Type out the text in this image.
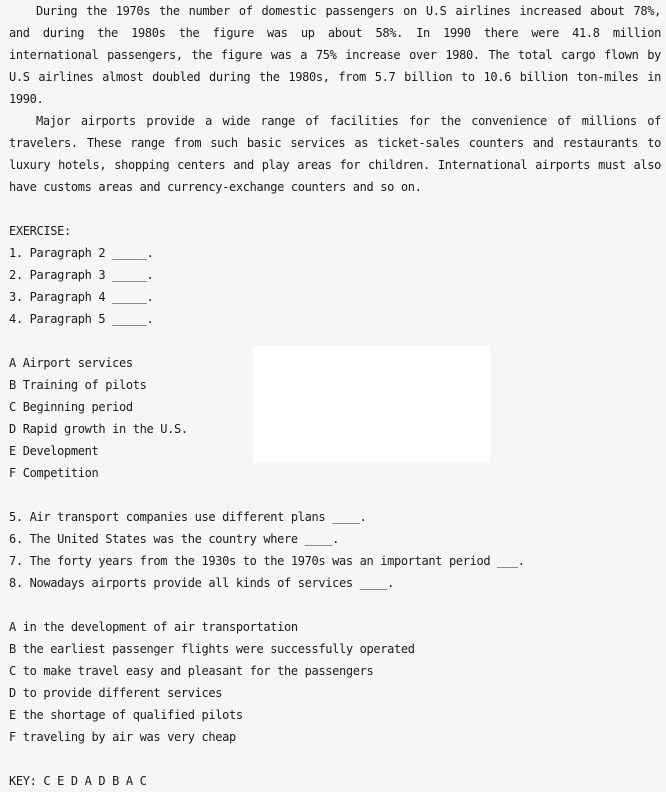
During the 1970s the number of domestic passengers on U.S airlines increased about 78%, and during the 1980s the figure was up about 58%. In 1990 there were 41.8 million international passengers, the figure was a 75% increase over 1980. The total cargo flown by U.S airlines almost doubled during the 1980s, from 5.7 billion to 10.6 billion ton-miles in 1990.

Major airports provide a wide range of facilities for the convenience of millions of travelers. These range from such basic services as ticket-sales counters and restaurants to luxury hotels, shopping centers and play areas for children. International airports must also have customs areas and currency-exchange counters and so on.

EXERCISE:
1. Paragraph 2 _____.
2. Paragraph 3 _____.
3. Paragraph 4 _____.
4. Paragraph 5 _____.
A Airport services
B Training of pilots
C Beginning period
D Rapid growth in the U.S.
E Development
F Competition
5. Air transport companies use different plans ____.
6. The United States was the country where ____.
7. The forty years from the 1930s to the 1970s was an important period ___.
8. Nowadays airports provide all kinds of services ____.
A in the development of air transportation
B the earliest passenger flights were successfully operated
C to make travel easy and pleasant for the passengers
D to provide different services
E the shortage of qualified pilots
F traveling by air was very cheap
KEY: C E D A D B A C
